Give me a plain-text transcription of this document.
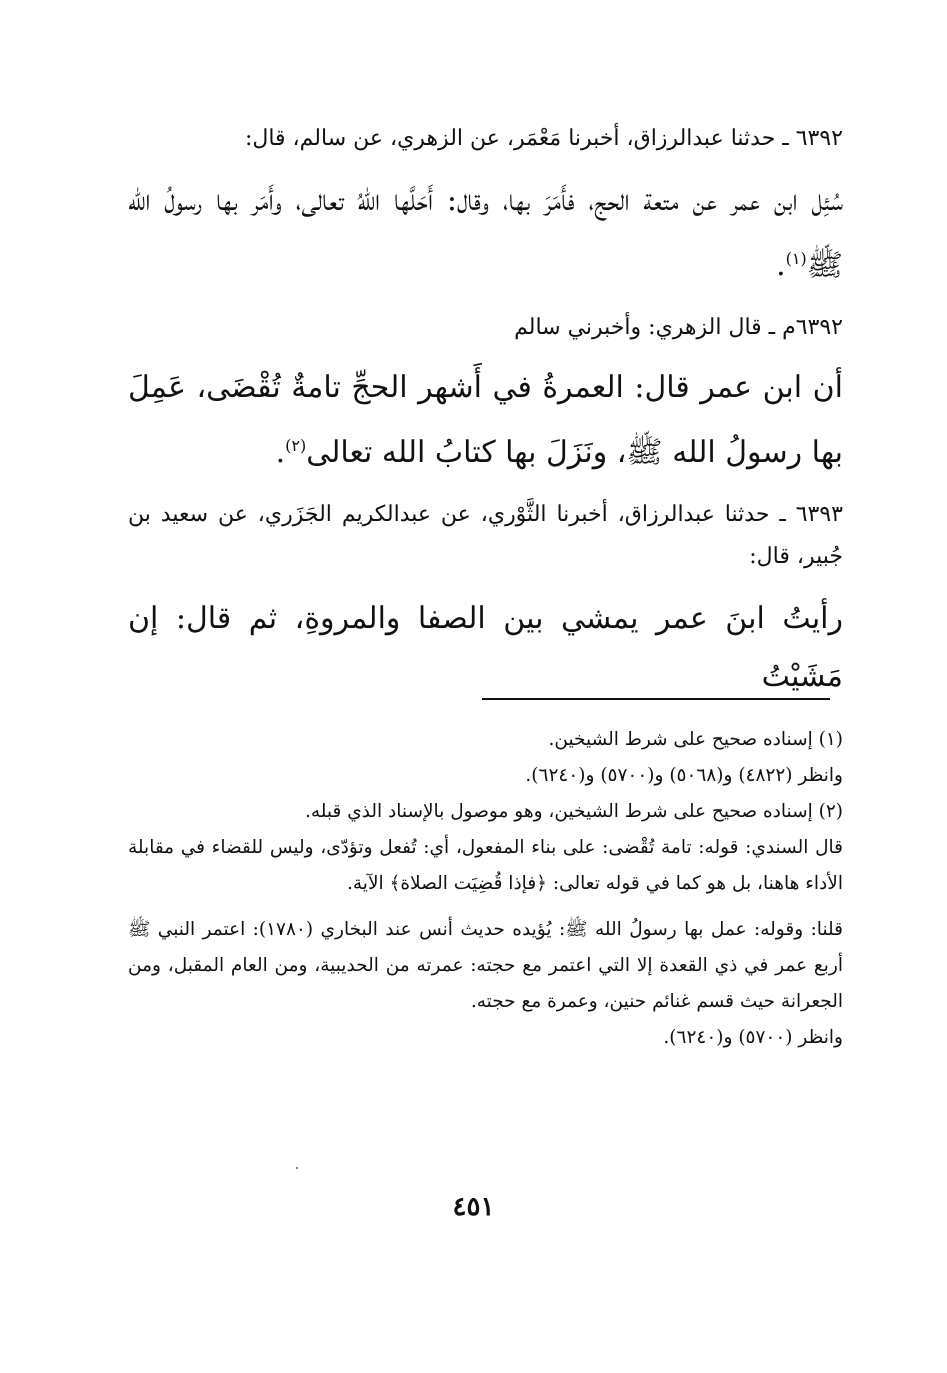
٦٣٩٢ ـ حدثنا عبدالرزاق، أخبرنا مَعْمَر، عن الزهري، عن سالم، قال:

سُئِل ابن عمر عن متعة الحج، فأَمَرَ بها، وقال: أَحَلَّها اللهُ تعالى، وأَمَر بها رسولُ الله ﷺ$^{(١)}$.

٦٣٩٢م ـ قال الزهري: وأخبرني سالم

أن ابن عمر قال: العمرةُ في أَشهر الحجِّ تامةٌ تُقْضَى، عَمِلَ بها رسولُ الله ﷺ، ونَزَلَ بها كتابُ الله تعالى$^{(٢)}$.

٦٣٩٣ ـ حدثنا عبدالرزاق، أخبرنا الثَّوْري، عن عبدالكريم الجَزَري، عن سعيد بن جُبير، قال:

رأيتُ ابنَ عمر يمشي بين الصفا والمروةِ، ثم قال: إن مَشَيْتُ

(١) إسناده صحيح على شرط الشيخين.

وانظر (٤٨٢٢) و(٥٠٦٨) و(٥٧٠٠) و(٦٢٤٠).

(٢) إسناده صحيح على شرط الشيخين، وهو موصول بالإسناد الذي قبله.

قال السندي: قوله: تامة تُقْضى: على بناء المفعول، أي: تُفعل وتؤدّى، وليس للقضاء في مقابلة الأداء هاهنا، بل هو كما في قوله تعالى: ﴿فإذا قُضِيَت الصلاة﴾ الآية.

قلنا: وقوله: عمل بها رسولُ الله ﷺ: يُؤيده حديث أنس عند البخاري (١٧٨٠): اعتمر النبي ﷺ أربع عمر في ذي القعدة إلا التي اعتمر مع حجته: عمرته من الحديبية، ومن العام المقبل، ومن الجعرانة حيث قسم غنائم حنين، وعمرة مع حجته.

وانظر (٥٧٠٠) و(٦٢٤٠).

٤٥١
